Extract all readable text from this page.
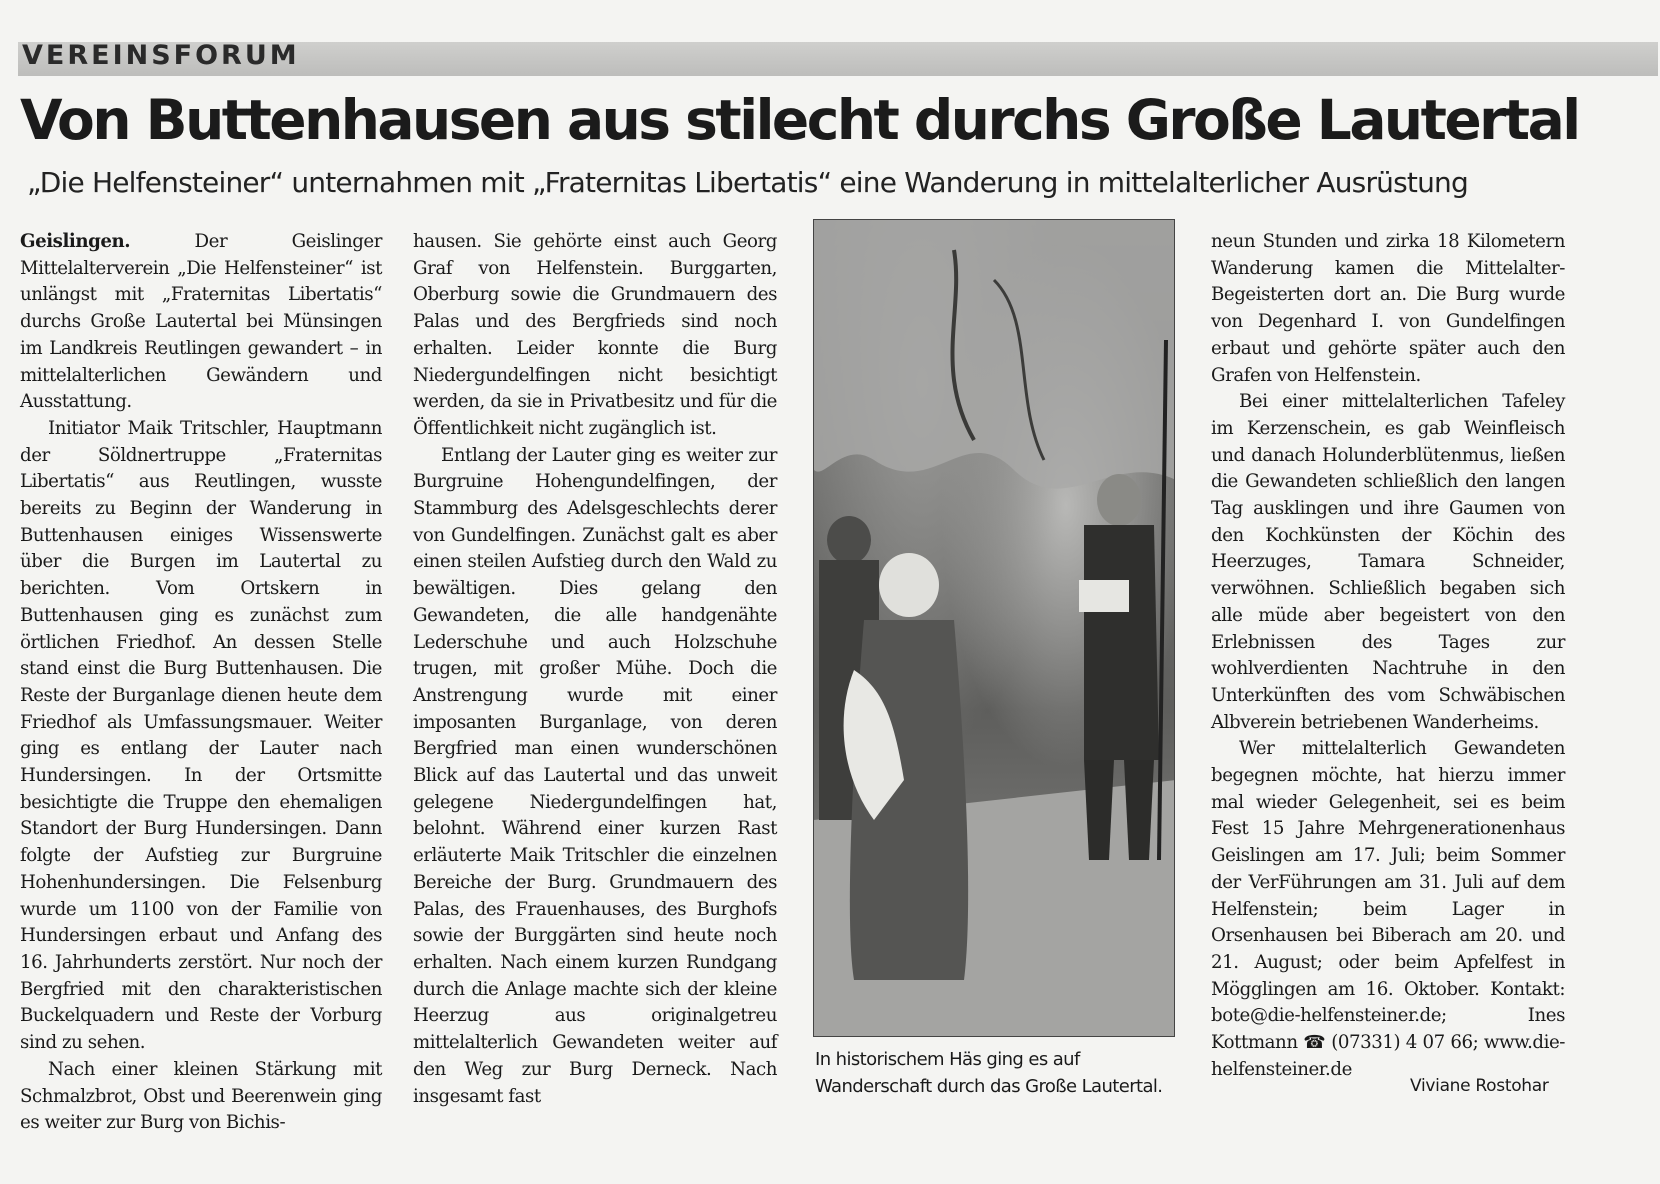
VEREINSFORUM
Von Buttenhausen aus stilecht durchs Große Lautertal
„Die Helfensteiner“ unternahmen mit „Fraternitas Libertatis“ eine Wanderung in mittelalterlicher Ausrüstung

Geislingen. Der Geislinger Mittelalterverein „Die Helfensteiner“ ist unlängst mit „Fraternitas Libertatis“ durchs Große Lautertal bei Münsingen im Landkreis Reutlingen gewandert – in mittelalterlichen Gewändern und Ausstattung.

Initiator Maik Tritschler, Hauptmann der Söldnertruppe „Fraternitas Libertatis“ aus Reutlingen, wusste bereits zu Beginn der Wanderung in Buttenhausen einiges Wissenswerte über die Burgen im Lautertal zu berichten. Vom Ortskern in Buttenhausen ging es zunächst zum örtlichen Friedhof. An dessen Stelle stand einst die Burg Buttenhausen. Die Reste der Burganlage dienen heute dem Friedhof als Umfassungsmauer. Weiter ging es entlang der Lauter nach Hundersingen. In der Ortsmitte besichtigte die Truppe den ehemaligen Standort der Burg Hundersingen. Dann folgte der Aufstieg zur Burgruine Hohenhundersingen. Die Felsenburg wurde um 1100 von der Familie von Hundersingen erbaut und Anfang des 16. Jahrhunderts zerstört. Nur noch der Bergfried mit den charakteristischen Buckelquadern und Reste der Vorburg sind zu sehen.

Nach einer kleinen Stärkung mit Schmalzbrot, Obst und Beerenwein ging es weiter zur Burg von Bichis-

hausen. Sie gehörte einst auch Georg Graf von Helfenstein. Burggarten, Oberburg sowie die Grundmauern des Palas und des Bergfrieds sind noch erhalten. Leider konnte die Burg Niedergundelfingen nicht besichtigt werden, da sie in Privatbesitz und für die Öffentlichkeit nicht zugänglich ist.

Entlang der Lauter ging es weiter zur Burgruine Hohengundelfingen, der Stammburg des Adelsgeschlechts derer von Gundelfingen. Zunächst galt es aber einen steilen Aufstieg durch den Wald zu bewältigen. Dies gelang den Gewandeten, die alle handgenähte Lederschuhe und auch Holzschuhe trugen, mit großer Mühe. Doch die Anstrengung wurde mit einer imposanten Burganlage, von deren Bergfried man einen wunderschönen Blick auf das Lautertal und das unweit gelegene Niedergundelfingen hat, belohnt. Während einer kurzen Rast erläuterte Maik Tritschler die einzelnen Bereiche der Burg. Grundmauern des Palas, des Frauenhauses, des Burghofs sowie der Burggärten sind heute noch erhalten. Nach einem kurzen Rundgang durch die Anlage machte sich der kleine Heerzug aus originalgetreu mittelalterlich Gewandeten weiter auf den Weg zur Burg Derneck. Nach insgesamt fast

neun Stunden und zirka 18 Kilometern Wanderung kamen die Mittelalter-Begeisterten dort an. Die Burg wurde von Degenhard I. von Gundelfingen erbaut und gehörte später auch den Grafen von Helfenstein.

Bei einer mittelalterlichen Tafeley im Kerzenschein, es gab Weinfleisch und danach Holunderblütenmus, ließen die Gewandeten schließlich den langen Tag ausklingen und ihre Gaumen von den Kochkünsten der Köchin des Heerzuges, Tamara Schneider, verwöhnen. Schließlich begaben sich alle müde aber begeistert von den Erlebnissen des Tages zur wohlverdienten Nachtruhe in den Unterkünften des vom Schwäbischen Albverein betriebenen Wanderheims.

Wer mittelalterlich Gewandeten begegnen möchte, hat hierzu immer mal wieder Gelegenheit, sei es beim Fest 15 Jahre Mehrgenerationenhaus Geislingen am 17. Juli; beim Sommer der VerFührungen am 31. Juli auf dem Helfenstein; beim Lager in Orsenhausen bei Biberach am 20. und 21. August; oder beim Apfelfest in Mögglingen am 16. Oktober. Kontakt: bote@die-helfensteiner.de; Ines Kottmann ☎ (07331) 4 07 66; www.die-helfensteiner.de

In historischem Häs ging es auf Wanderschaft durch das Große Lautertal.	Viviane Rostohar
